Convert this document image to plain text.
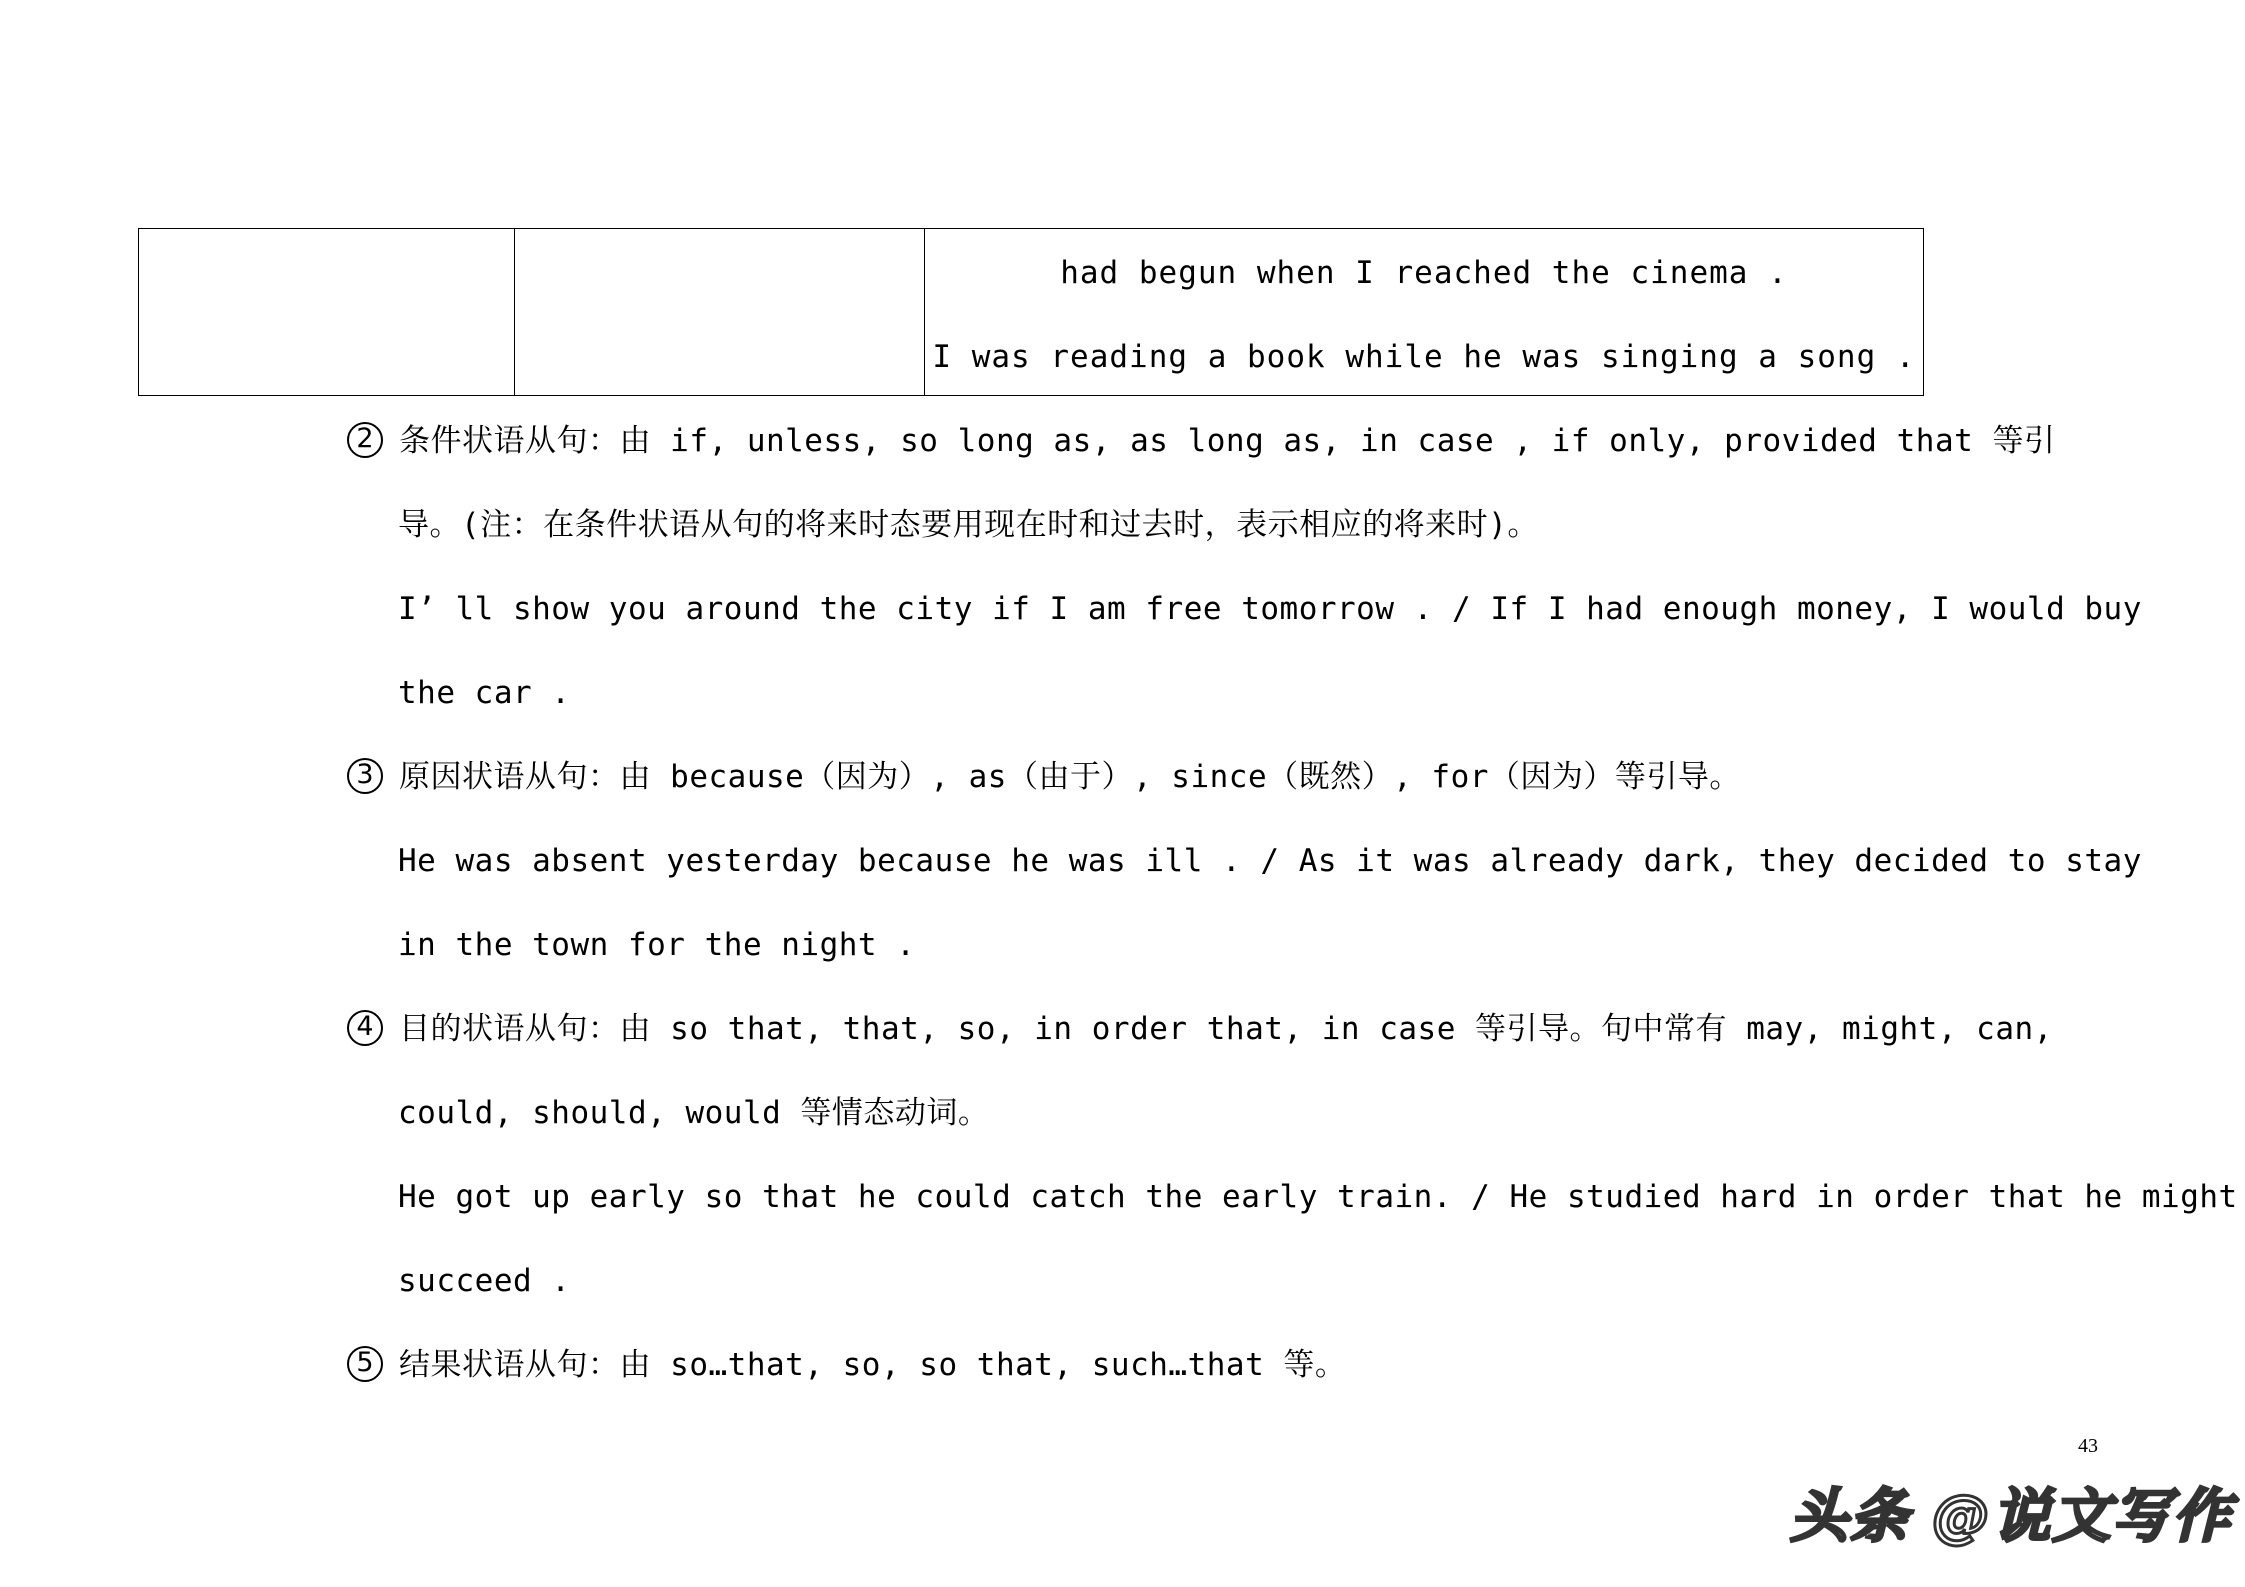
had begun when I reached the cinema .
I was reading a book while he was singing a song .
2 条件状语从句：由 if, unless, so long as, as long as, in case , if only, provided that 等引
导。(注：在条件状语从句的将来时态要用现在时和过去时，表示相应的将来时)。
I’ ll show you around the city if I am free tomorrow . / If I had enough money, I would buy
the car .
3 原因状语从句：由 because（因为）, as（由于）, since（既然）, for（因为）等引导。
He was absent yesterday because he was ill . / As it was already dark, they decided to stay
in the town for the night .
4 目的状语从句：由 so that, that, so, in order that, in case 等引导。句中常有 may, might, can,
could, should, would 等情态动词。
He got up early so that he could catch the early train. / He studied hard in order that he might
succeed .
5 结果状语从句：由 so…that, so, so that, such…that 等。
43
头条 @说文写作
